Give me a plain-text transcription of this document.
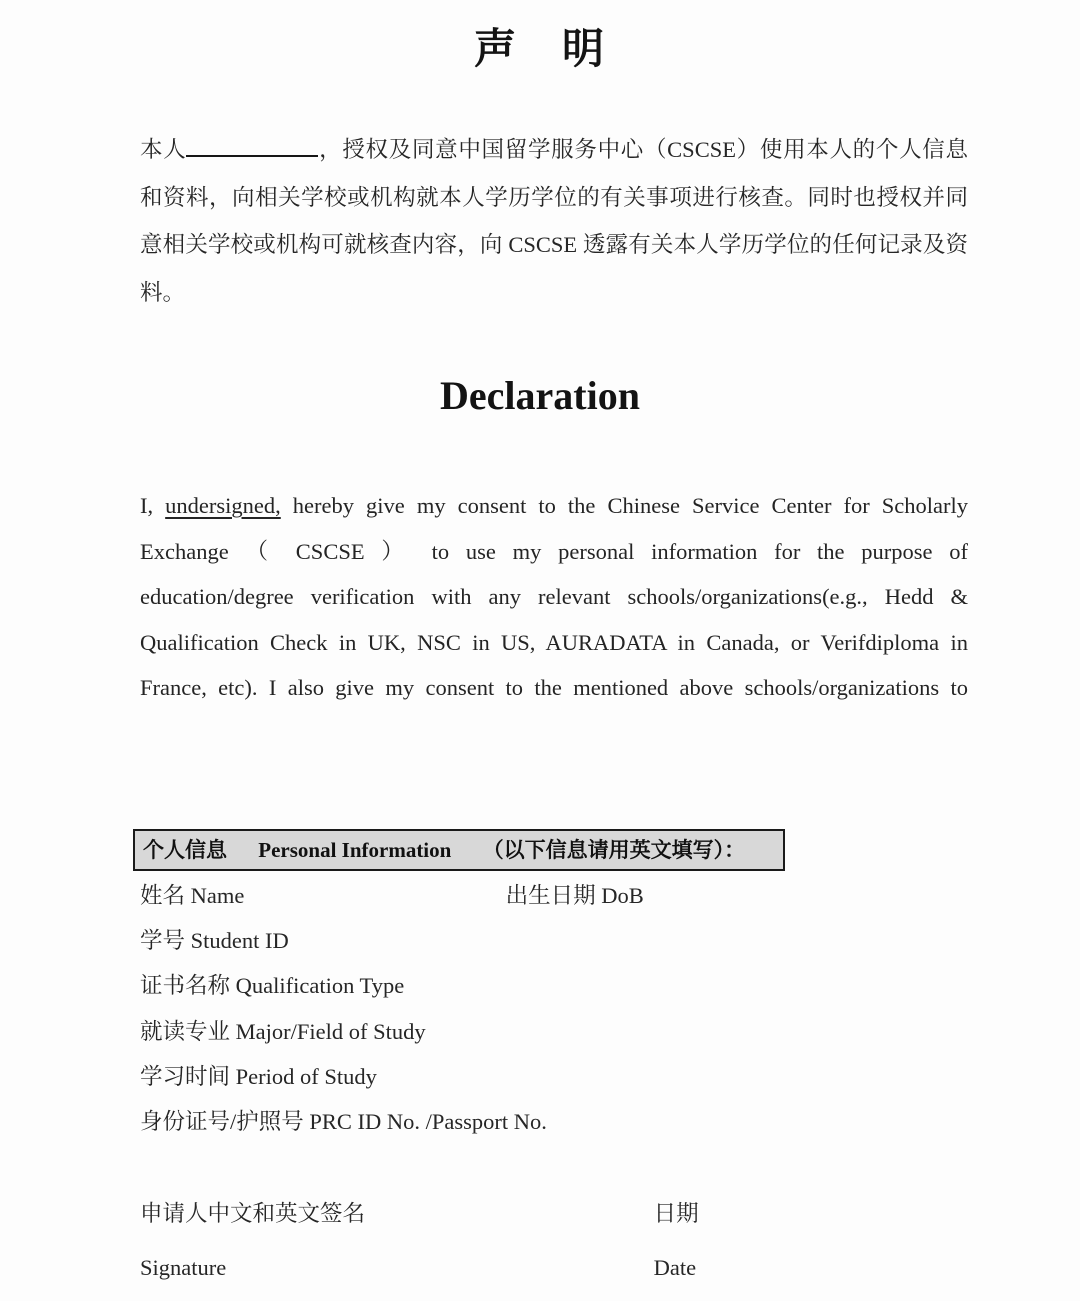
声　明
本人	，授权及同意中国留学服务中心（CSCSE）使用本人的个人信息和资料，向相关学校或机构就本人学历学位的有关事项进行核查。同时也授权并同意相关学校或机构可就核查内容，向 CSCSE 透露有关本人学历学位的任何记录及资料。
Declaration
I, undersigned, hereby give my consent to the Chinese Service Center for Scholarly Exchange （ CSCSE ） to use my personal information for the purpose of education/degree verification with any relevant schools/organizations(e.g., Hedd & Qualification Check in UK, NSC in US, AURADATA in Canada, or Verifdiploma in France, etc). I also give my consent to the mentioned above schools/organizations to
个人信息 Personal Information （以下信息请用英文填写）：
姓名 Name	出生日期 DoB
学号 Student ID
证书名称 Qualification Type
就读专业 Major/Field of Study
学习时间 Period of Study
身份证号/护照号 PRC ID No. /Passport No.
申请人中文和英文签名	日期
Signature	Date
